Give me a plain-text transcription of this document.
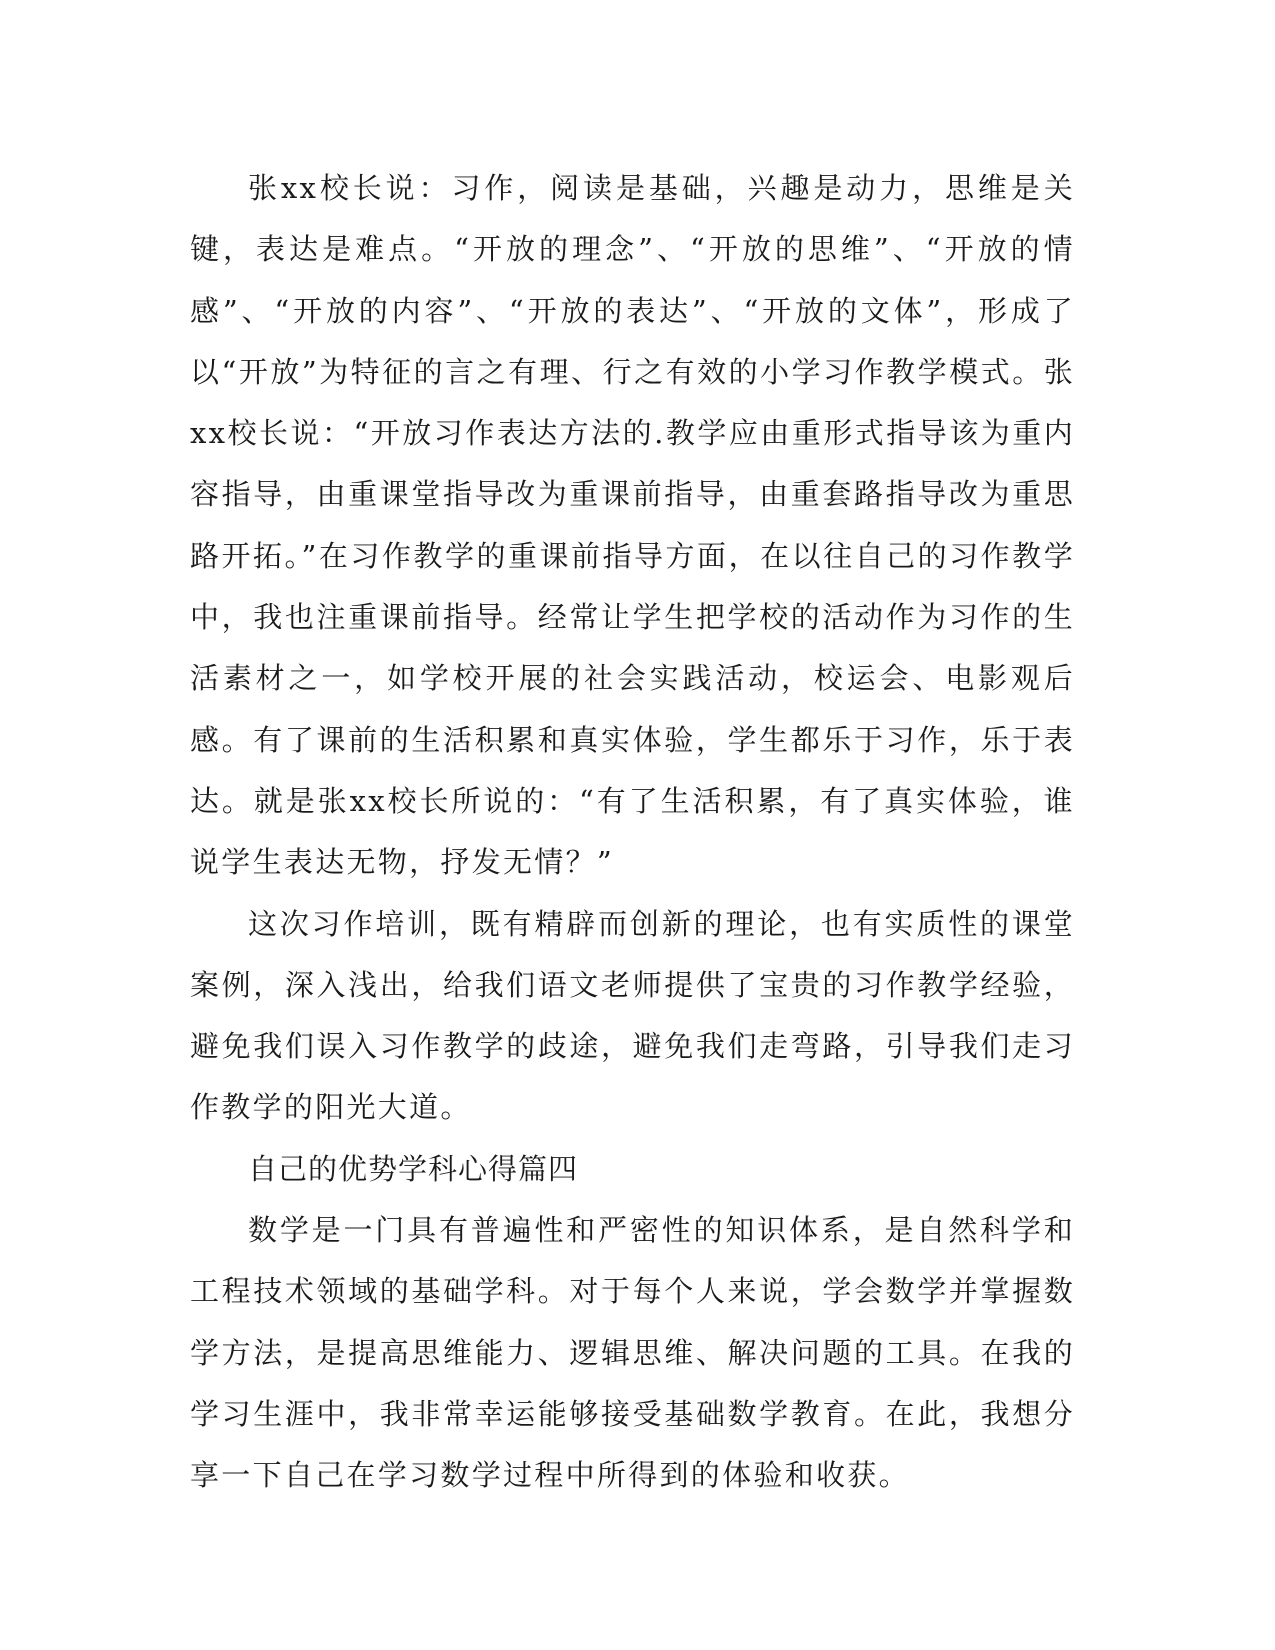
张xx校长说：习作，阅读是基础，兴趣是动力，思维是关键，表达是难点。“开放的理念”、“开放的思维”、“开放的情感”、“开放的内容”、“开放的表达”、“开放的文体”，形成了以“开放”为特征的言之有理、行之有效的小学习作教学模式。张xx校长说：“开放习作表达方法的.教学应由重形式指导该为重内容指导，由重课堂指导改为重课前指导，由重套路指导改为重思路开拓。”在习作教学的重课前指导方面，在以往自己的习作教学中，我也注重课前指导。经常让学生把学校的活动作为习作的生活素材之一，如学校开展的社会实践活动，校运会、电影观后感。有了课前的生活积累和真实体验，学生都乐于习作，乐于表达。就是张xx校长所说的：“有了生活积累，有了真实体验，谁说学生表达无物，抒发无情？”

这次习作培训，既有精辟而创新的理论，也有实质性的课堂案例，深入浅出，给我们语文老师提供了宝贵的习作教学经验，避免我们误入习作教学的歧途，避免我们走弯路，引导我们走习作教学的阳光大道。

自己的优势学科心得篇四

数学是一门具有普遍性和严密性的知识体系，是自然科学和工程技术领域的基础学科。对于每个人来说，学会数学并掌握数学方法，是提高思维能力、逻辑思维、解决问题的工具。在我的学习生涯中，我非常幸运能够接受基础数学教育。在此，我想分享一下自己在学习数学过程中所得到的体验和收获。
